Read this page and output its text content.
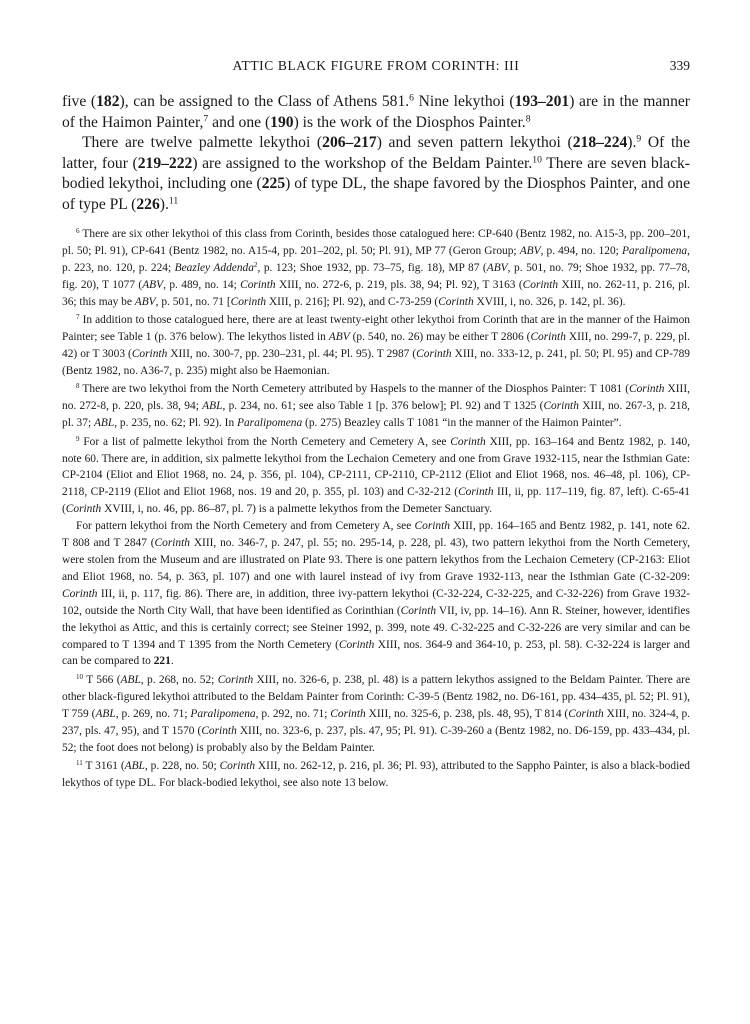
ATTIC BLACK FIGURE FROM CORINTH: III	339

five (182), can be assigned to the Class of Athens 581.$^6$ Nine lekythoi (193–201) are in the manner of the Haimon Painter,$^7$ and one (190) is the work of the Diosphos Painter.$^8$

There are twelve palmette lekythoi (206–217) and seven pattern lekythoi (218–224).$^9$ Of the latter, four (219–222) are assigned to the workshop of the Beldam Painter.$^{10}$ There are seven black-bodied lekythoi, including one (225) of type DL, the shape favored by the Diosphos Painter, and one of type PL (226).$^{11}$

$^6$ There are six other lekythoi of this class from Corinth, besides those catalogued here: CP-640 (Bentz 1982, no. A15-3, pp. 200–201, pl. 50; Pl. 91), CP-641 (Bentz 1982, no. A15-4, pp. 201–202, pl. 50; Pl. 91), MP 77 (Geron Group; ABV, p. 494, no. 120; Paralipomena, p. 223, no. 120, p. 224; Beazley Addenda$^2$, p. 123; Shoe 1932, pp. 73–75, fig. 18), MP 87 (ABV, p. 501, no. 79; Shoe 1932, pp. 77–78, fig. 20), T 1077 (ABV, p. 489, no. 14; Corinth XIII, no. 272-6, p. 219, pls. 38, 94; Pl. 92), T 3163 (Corinth XIII, no. 262-11, p. 216, pl. 36; this may be ABV, p. 501, no. 71 [Corinth XIII, p. 216]; Pl. 92), and C-73-259 (Corinth XVIII, i, no. 326, p. 142, pl. 36).

$^7$ In addition to those catalogued here, there are at least twenty-eight other lekythoi from Corinth that are in the manner of the Haimon Painter; see Table 1 (p. 376 below). The lekythos listed in ABV (p. 540, no. 26) may be either T 2806 (Corinth XIII, no. 299-7, p. 229, pl. 42) or T 3003 (Corinth XIII, no. 300-7, pp. 230–231, pl. 44; Pl. 95). T 2987 (Corinth XIII, no. 333-12, p. 241, pl. 50; Pl. 95) and CP-789 (Bentz 1982, no. A36-7, p. 235) might also be Haemonian.

$^8$ There are two lekythoi from the North Cemetery attributed by Haspels to the manner of the Diosphos Painter: T 1081 (Corinth XIII, no. 272-8, p. 220, pls. 38, 94; ABL, p. 234, no. 61; see also Table 1 [p. 376 below]; Pl. 92) and T 1325 (Corinth XIII, no. 267-3, p. 218, pl. 37; ABL, p. 235, no. 62; Pl. 92). In Paralipomena (p. 275) Beazley calls T 1081 “in the manner of the Haimon Painter”.

$^9$ For a list of palmette lekythoi from the North Cemetery and Cemetery A, see Corinth XIII, pp. 163–164 and Bentz 1982, p. 140, note 60. There are, in addition, six palmette lekythoi from the Lechaion Cemetery and one from Grave 1932-115, near the Isthmian Gate: CP-2104 (Eliot and Eliot 1968, no. 24, p. 356, pl. 104), CP-2111, CP-2110, CP-2112 (Eliot and Eliot 1968, nos. 46–48, pl. 106), CP-2118, CP-2119 (Eliot and Eliot 1968, nos. 19 and 20, p. 355, pl. 103) and C-32-212 (Corinth III, ii, pp. 117–119, fig. 87, left). C-65-41 (Corinth XVIII, i, no. 46, pp. 86–87, pl. 7) is a palmette lekythos from the Demeter Sanctuary.

For pattern lekythoi from the North Cemetery and from Cemetery A, see Corinth XIII, pp. 164–165 and Bentz 1982, p. 141, note 62. T 808 and T 2847 (Corinth XIII, no. 346-7, p. 247, pl. 55; no. 295-14, p. 228, pl. 43), two pattern lekythoi from the North Cemetery, were stolen from the Museum and are illustrated on Plate 93. There is one pattern lekythos from the Lechaion Cemetery (CP-2163: Eliot and Eliot 1968, no. 54, p. 363, pl. 107) and one with laurel instead of ivy from Grave 1932-113, near the Isthmian Gate (C-32-209: Corinth III, ii, p. 117, fig. 86). There are, in addition, three ivy-pattern lekythoi (C-32-224, C-32-225, and C-32-226) from Grave 1932-102, outside the North City Wall, that have been identified as Corinthian (Corinth VII, iv, pp. 14–16). Ann R. Steiner, however, identifies the lekythoi as Attic, and this is certainly correct; see Steiner 1992, p. 399, note 49. C-32-225 and C-32-226 are very similar and can be compared to T 1394 and T 1395 from the North Cemetery (Corinth XIII, nos. 364-9 and 364-10, p. 253, pl. 58). C-32-224 is larger and can be compared to 221.

$^{10}$ T 566 (ABL, p. 268, no. 52; Corinth XIII, no. 326-6, p. 238, pl. 48) is a pattern lekythos assigned to the Beldam Painter. There are other black-figured lekythoi attributed to the Beldam Painter from Corinth: C-39-5 (Bentz 1982, no. D6-161, pp. 434–435, pl. 52; Pl. 91), T 759 (ABL, p. 269, no. 71; Paralipomena, p. 292, no. 71; Corinth XIII, no. 325-6, p. 238, pls. 48, 95), T 814 (Corinth XIII, no. 324-4, p. 237, pls. 47, 95), and T 1570 (Corinth XIII, no. 323-6, p. 237, pls. 47, 95; Pl. 91). C-39-260 a (Bentz 1982, no. D6-159, pp. 433–434, pl. 52; the foot does not belong) is probably also by the Beldam Painter.

$^{11}$ T 3161 (ABL, p. 228, no. 50; Corinth XIII, no. 262-12, p. 216, pl. 36; Pl. 93), attributed to the Sappho Painter, is also a black-bodied lekythos of type DL. For black-bodied lekythoi, see also note 13 below.
